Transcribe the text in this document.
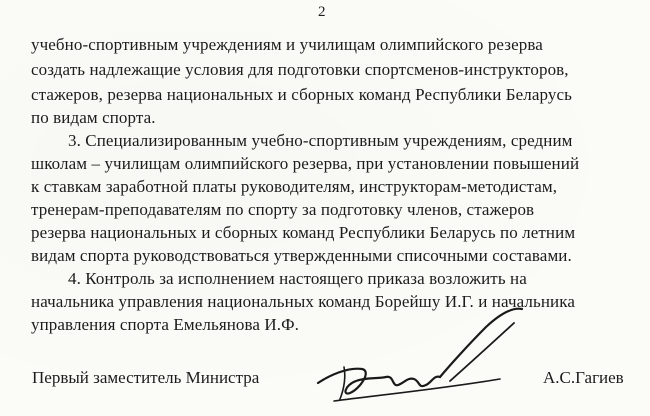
2
учебно-спортивным учреждениям и училищам олимпийского резерва
создать надлежащие условия для подготовки спортсменов-инструкторов,
стажеров, резерва национальных и сборных команд Республики Беларусь
по видам спорта.
3. Специализированным учебно-спортивным учреждениям, средним
школам – училищам олимпийского резерва, при установлении повышений
к ставкам заработной платы руководителям, инструкторам-методистам,
тренерам-преподавателям по спорту за подготовку членов, стажеров
резерва национальных и сборных команд Республики Беларусь по летним
видам спорта руководствоваться утвержденными списочными составами.
4. Контроль за исполнением настоящего приказа возложить на
начальника управления национальных команд Борейшу И.Г. и начальника
управления спорта Емельянова И.Ф.
Первый заместитель Министра	А.С.Гагиев
